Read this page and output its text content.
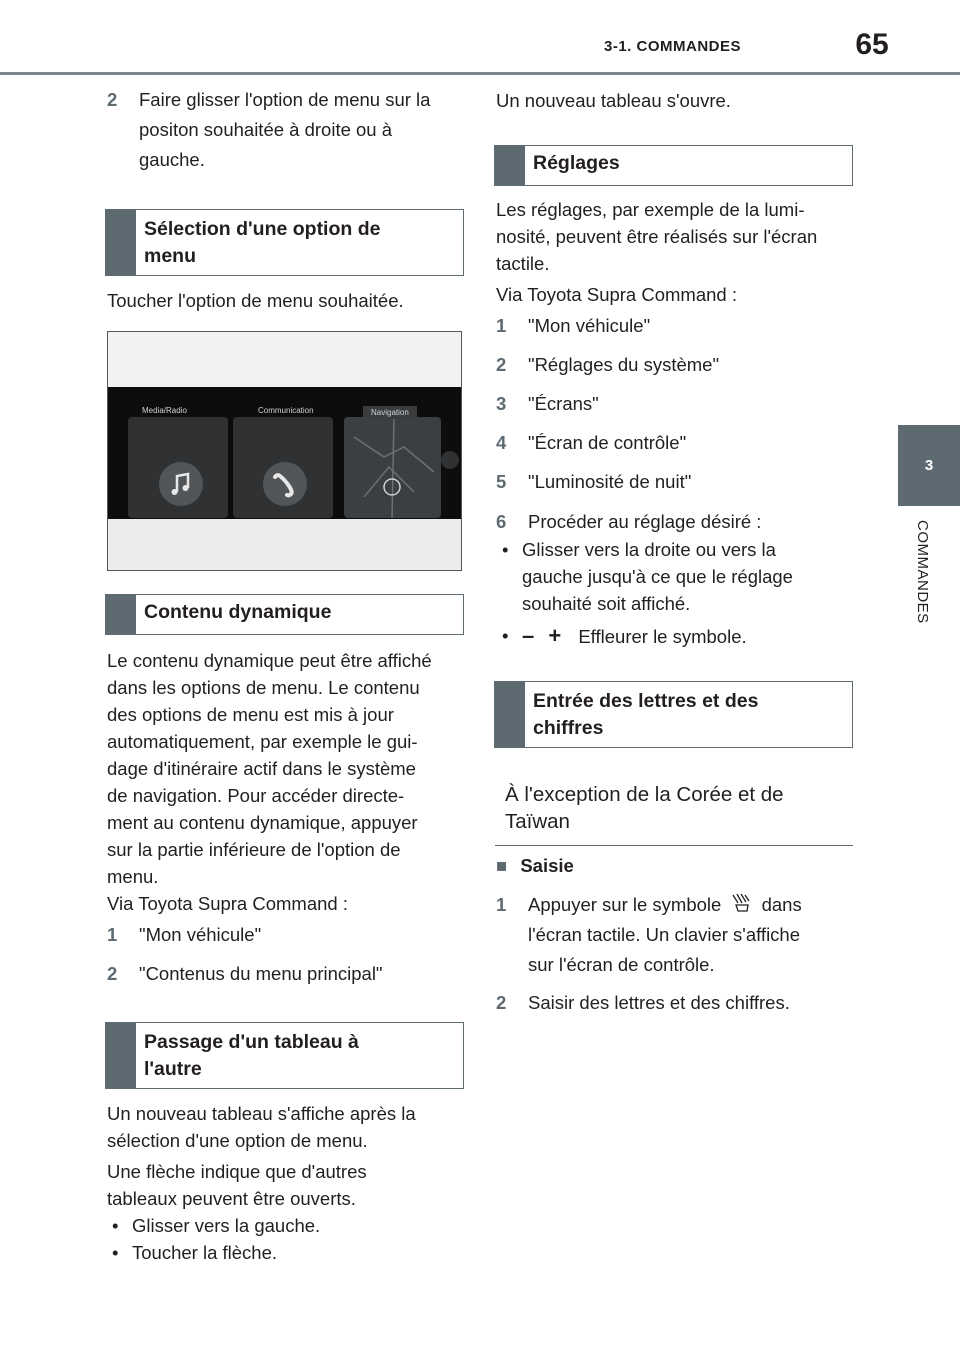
3-1. COMMANDES	65
3
COMMANDES
2 Faire glisser l'option de menu sur la
positon souhaitée à droite ou à
gauche.
Sélection d'une option de
menu
Toucher l'option de menu souhaitée.
Media/Radio	Communication	Navigation
Contenu dynamique
Le contenu dynamique peut être affiché
dans les options de menu. Le contenu
des options de menu est mis à jour
automatiquement, par exemple le gui-
dage d'itinéraire actif dans le système
de navigation. Pour accéder directe-
ment au contenu dynamique, appuyer
sur la partie inférieure de l'option de
menu.
Via Toyota Supra Command :
1 "Mon véhicule"
2 "Contenus du menu principal"
Passage d'un tableau à
l'autre
Un nouveau tableau s'affiche après la
sélection d'une option de menu.
Une flèche indique que d'autres
tableaux peuvent être ouverts.
• Glisser vers la gauche.
• Toucher la flèche.
Un nouveau tableau s'ouvre.
Réglages
Les réglages, par exemple de la lumi-
nosité, peuvent être réalisés sur l'écran
tactile.
Via Toyota Supra Command :
1 "Mon véhicule"
2 "Réglages du système"
3 "Écrans"
4 "Écran de contrôle"
5 "Luminosité de nuit"
6 Procéder au réglage désiré :
• Glisser vers la droite ou vers la
gauche jusqu'à ce que le réglage
souhaité soit affiché.
• – + Effleurer le symbole.
Entrée des lettres et des
chiffres
À l'exception de la Corée et de
Taïwan
■ Saisie
1 Appuyer sur le symbole dans
l'écran tactile. Un clavier s'affiche
sur l'écran de contrôle.
2 Saisir des lettres et des chiffres.
